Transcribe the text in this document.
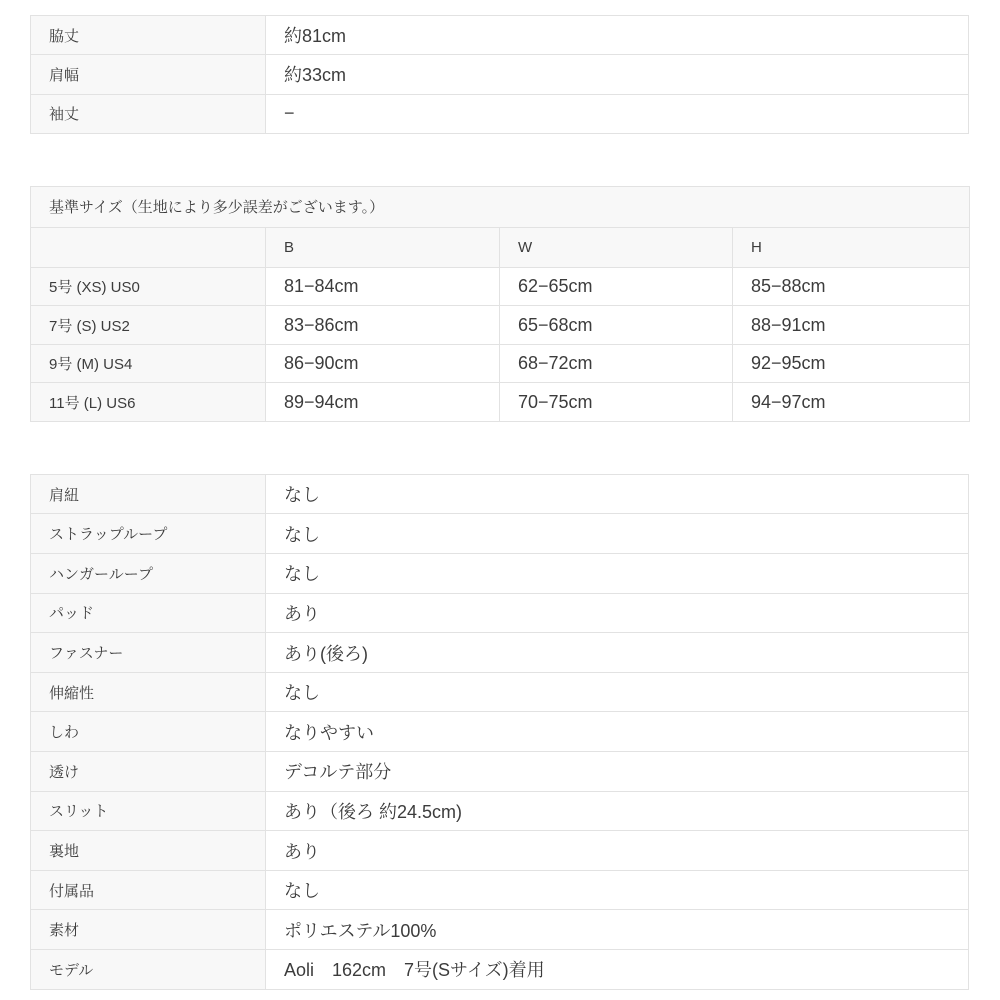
脇丈	約81cm
肩幅	約33cm
袖丈	−
基準サイズ（生地により多少誤差がございます。）			
	B	W	H
5号 (XS) US0	81−84cm	62−65cm	85−88cm
7号 (S) US2	83−86cm	65−68cm	88−91cm
9号 (M) US4	86−90cm	68−72cm	92−95cm
11号 (L) US6	89−94cm	70−75cm	94−97cm
肩紐	なし
ストラップループ	なし
ハンガーループ	なし
パッド	あり
ファスナー	あり(後ろ)
伸縮性	なし
しわ	なりやすい
透け	デコルテ部分
スリット	あり（後ろ 約24.5cm)
裏地	あり
付属品	なし
素材	ポリエステル100%
モデル	Aoli　162cm　7号(Sサイズ)着用
